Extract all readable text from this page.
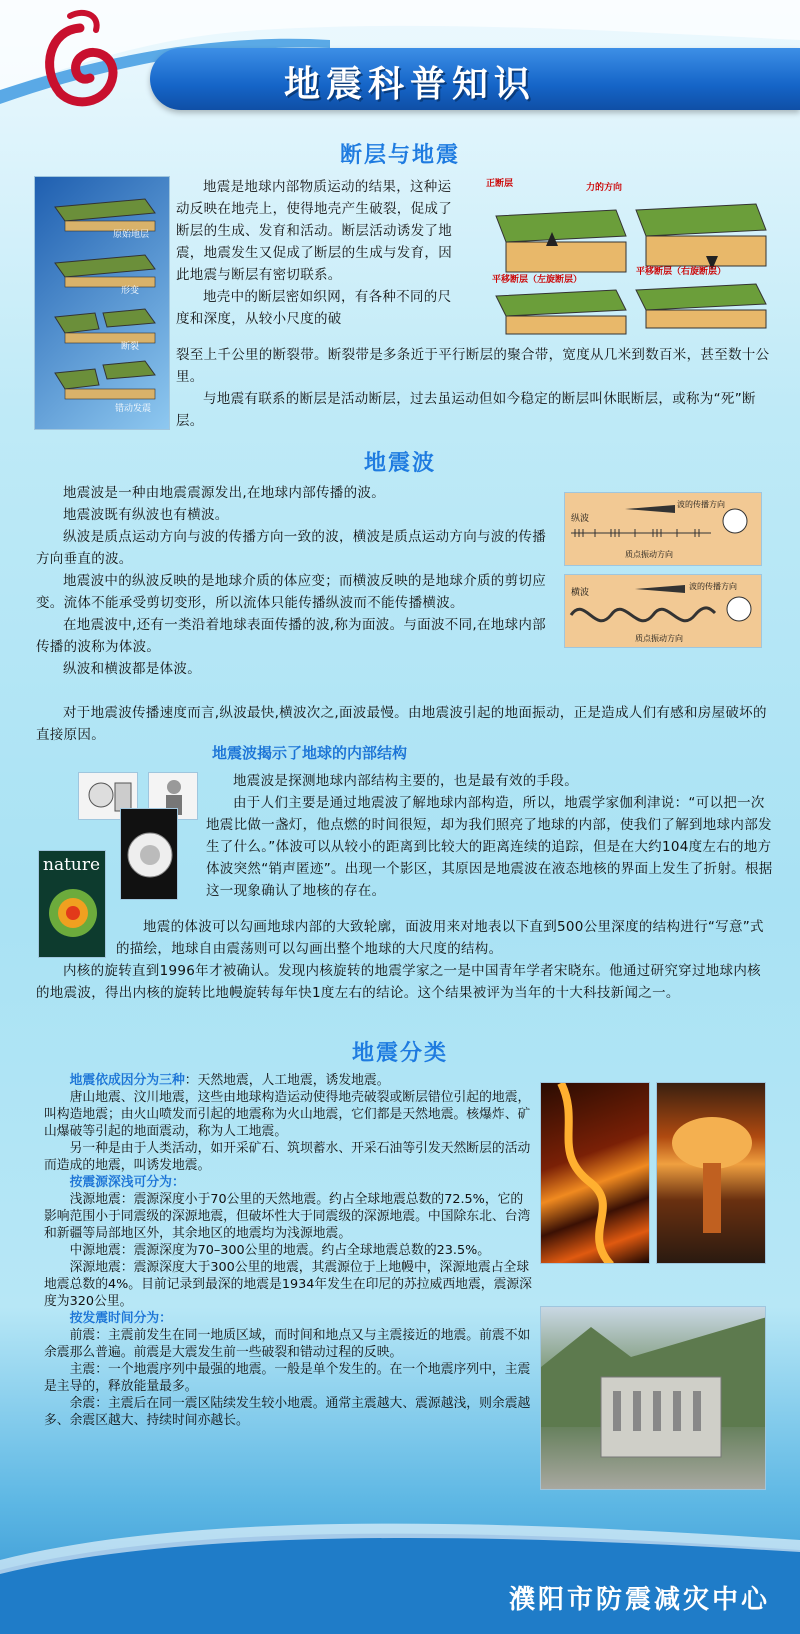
地震科普知识
断层与地震
原始地层
形变
断裂
错动发震

地震是地球内部物质运动的结果，这种运动反映在地壳上，使得地壳产生破裂，促成了断层的生成、发育和活动。断层活动诱发了地震，地震发生又促成了断层的生成与发育，因此地震与断层有密切联系。

地壳中的断层密如织网，有各种不同的尺度和深度，从较小尺度的破

正断层	力的方向
平移断层（左旋断层）
平移断层（右旋断层）

裂至上千公里的断裂带。断裂带是多条近于平行断层的聚合带，宽度从几米到数百米，甚至数十公里。

与地震有联系的断层是活动断层，过去虽运动但如今稳定的断层叫休眠断层，或称为“死”断层。

地震波

地震波是一种由地震震源发出,在地球内部传播的波。

地震波既有纵波也有横波。

纵波是质点运动方向与波的传播方向一致的波，横波是质点运动方向与波的传播方向垂直的波。

地震波中的纵波反映的是地球介质的体应变；而横波反映的是地球介质的剪切应变。流体不能承受剪切变形，所以流体只能传播纵波而不能传播横波。

在地震波中,还有一类沿着地球表面传播的波,称为面波。与面波不同,在地球内部传播的波称为体波。

纵波和横波都是体波。

对于地震波传播速度而言,纵波最快,横波次之,面波最慢。由地震波引起的地面振动，正是造成人们有感和房屋破坏的直接原因。

纵波
波的传播方向
质点振动方向
横波
波的传播方向
质点振动方向
地震波揭示了地球的内部结构
nature

地震波是探测地球内部结构主要的，也是最有效的手段。

由于人们主要是通过地震波了解地球内部构造，所以，地震学家伽利津说：“可以把一次地震比做一盏灯，他点燃的时间很短，却为我们照亮了地球的内部，使我们了解到地球内部发生了什么。”体波可以从较小的距离到比较大的距离连续的追踪，但是在大约104度左右的地方体波突然“销声匿迹”。出现一个影区，其原因是地震波在液态地核的界面上发生了折射。根据这一现象确认了地核的存在。

地震的体波可以勾画地球内部的大致轮廓，面波用来对地表以下直到500公里深度的结构进行“写意”式的描绘，地球自由震荡则可以勾画出整个地球的大尺度的结构。

内核的旋转直到1996年才被确认。发现内核旋转的地震学家之一是中国青年学者宋晓东。他通过研究穿过地球内核的地震波，得出内核的旋转比地幔旋转每年快1度左右的结论。这个结果被评为当年的十大科技新闻之一。

地震分类
地震依成因分为三种：天然地震，人工地震，诱发地震。
唐山地震、汶川地震，这些由地球构造运动使得地壳破裂或断层错位引起的地震，叫构造地震；由火山喷发而引起的地震称为火山地震，它们都是天然地震。核爆炸、矿山爆破等引起的地面震动，称为人工地震。
另一种是由于人类活动，如开采矿石、筑坝蓄水、开采石油等引发天然断层的活动而造成的地震，叫诱发地震。
按震源深浅可分为：
浅源地震：震源深度小于70公里的天然地震。约占全球地震总数的72.5%，它的影响范围小于同震级的深源地震，但破坏性大于同震级的深源地震。中国除东北、台湾和新疆等局部地区外，其余地区的地震均为浅源地震。
中源地震：震源深度为70–300公里的地震。约占全球地震总数的23.5%。
深源地震：震源深度大于300公里的地震，其震源位于上地幔中，深源地震占全球地震总数的4%。目前记录到最深的地震是1934年发生在印尼的苏拉威西地震，震源深度为320公里。
按发震时间分为：
前震：主震前发生在同一地质区域，而时间和地点又与主震接近的地震。前震不如余震那么普遍。前震是大震发生前一些破裂和错动过程的反映。
主震：一个地震序列中最强的地震。一般是单个发生的。在一个地震序列中，主震是主导的，释放能量最多。
余震：主震后在同一震区陆续发生较小地震。通常主震越大、震源越浅，则余震越多、余震区越大、持续时间亦越长。
濮阳市防震减灾中心
